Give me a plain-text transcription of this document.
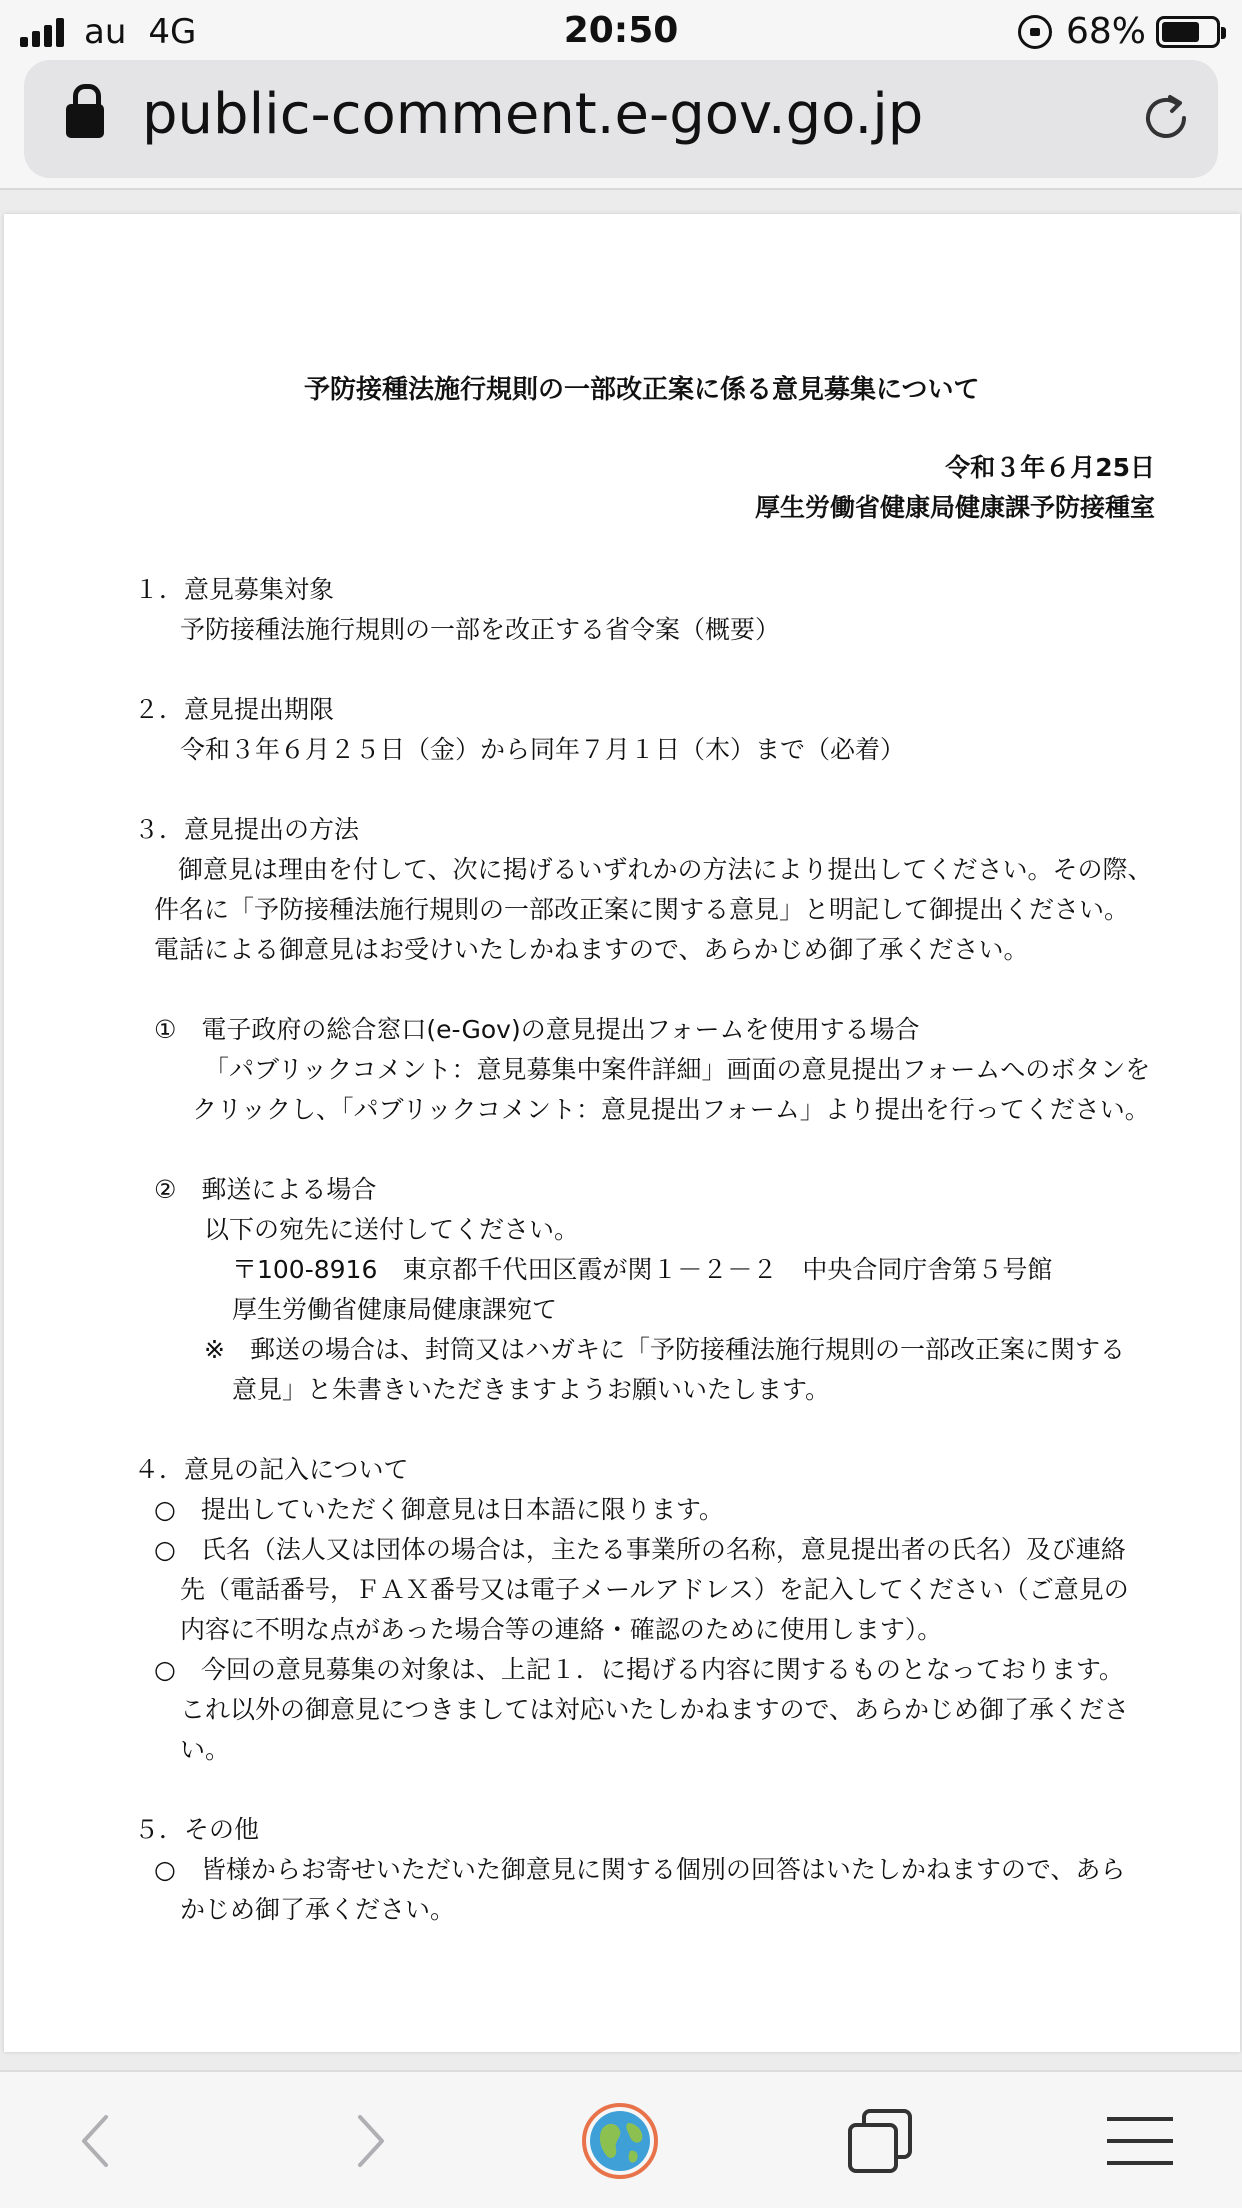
au 4G	20:50	68%
public-comment.e-gov.go.jp
予防接種法施行規則の一部改正案に係る意見募集について
令和３年６月25日
厚生労働省健康局健康課予防接種室
１．意見募集対象
予防接種法施行規則の一部を改正する省令案（概要）
２．意見提出期限
令和３年６月２５日（金）から同年７月１日（木）まで（必着）
３．意見提出の方法
御意見は理由を付して、次に掲げるいずれかの方法により提出してください。その際、
件名に「予防接種法施行規則の一部改正案に関する意見」と明記して御提出ください。
電話による御意見はお受けいたしかねますので、あらかじめ御了承ください。
①　電子政府の総合窓口(e-Gov)の意見提出フォームを使用する場合
「パブリックコメント：意見募集中案件詳細」画面の意見提出フォームへのボタンを
クリックし、「パブリックコメント：意見提出フォーム」より提出を行ってください。
②　郵送による場合
以下の宛先に送付してください。
〒100-8916　東京都千代田区霞が関１－２－２　中央合同庁舎第５号館
厚生労働省健康局健康課宛て
※　郵送の場合は、封筒又はハガキに「予防接種法施行規則の一部改正案に関する
意見」と朱書きいただきますようお願いいたします。
４．意見の記入について
○　提出していただく御意見は日本語に限ります。
○　氏名（法人又は団体の場合は，主たる事業所の名称，意見提出者の氏名）及び連絡
先（電話番号，ＦＡＸ番号又は電子メールアドレス）を記入してください（ご意見の
内容に不明な点があった場合等の連絡・確認のために使用します）。
○　今回の意見募集の対象は、上記１．に掲げる内容に関するものとなっております。
これ以外の御意見につきましては対応いたしかねますので、あらかじめ御了承くださ
い。
５．その他
○　皆様からお寄せいただいた御意見に関する個別の回答はいたしかねますので、あら
かじめ御了承ください。
